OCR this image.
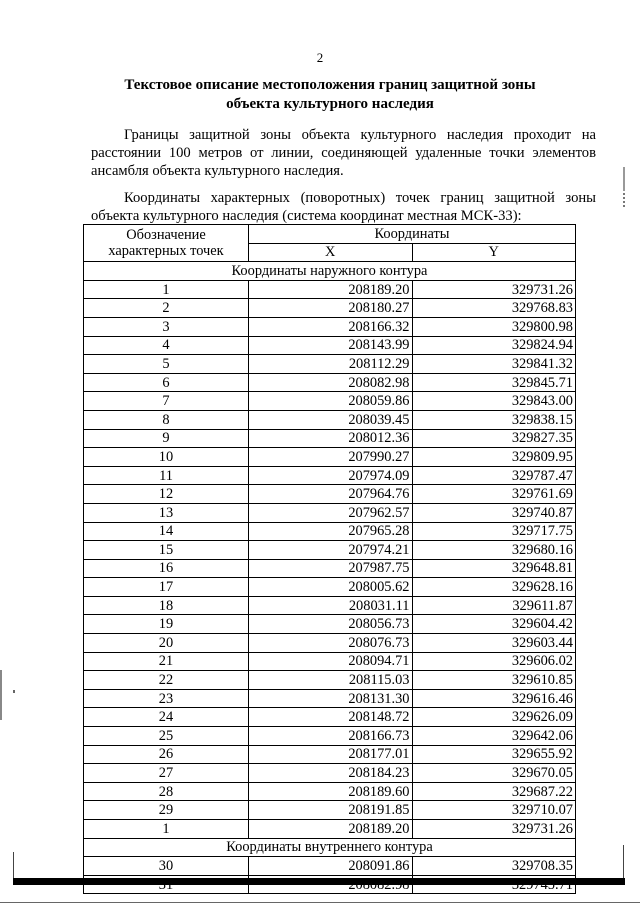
2
Текстовое описание местоположения границ защитной зоны
объекта культурного наследия
Границы защитной зоны объекта культурного наследия проходит на расстоянии 100 метров от линии, соединяющей удаленные точки элементов ансамбля объекта культурного наследия.
Координаты характерных (поворотных) точек границ защитной зоны объекта культурного наследия (система координат местная МСК-33):
Обозначение характерных точек	Координаты	
	X	Y
Координаты наружного контура		
1	208189.20	329731.26
2	208180.27	329768.83
3	208166.32	329800.98
4	208143.99	329824.94
5	208112.29	329841.32
6	208082.98	329845.71
7	208059.86	329843.00
8	208039.45	329838.15
9	208012.36	329827.35
10	207990.27	329809.95
11	207974.09	329787.47
12	207964.76	329761.69
13	207962.57	329740.87
14	207965.28	329717.75
15	207974.21	329680.16
16	207987.75	329648.81
17	208005.62	329628.16
18	208031.11	329611.87
19	208056.73	329604.42
20	208076.73	329603.44
21	208094.71	329606.02
22	208115.03	329610.85
23	208131.30	329616.46
24	208148.72	329626.09
25	208166.73	329642.06
26	208177.01	329655.92
27	208184.23	329670.05
28	208189.60	329687.22
29	208191.85	329710.07
1	208189.20	329731.26
Координаты внутреннего контура		
30	208091.86	329708.35
